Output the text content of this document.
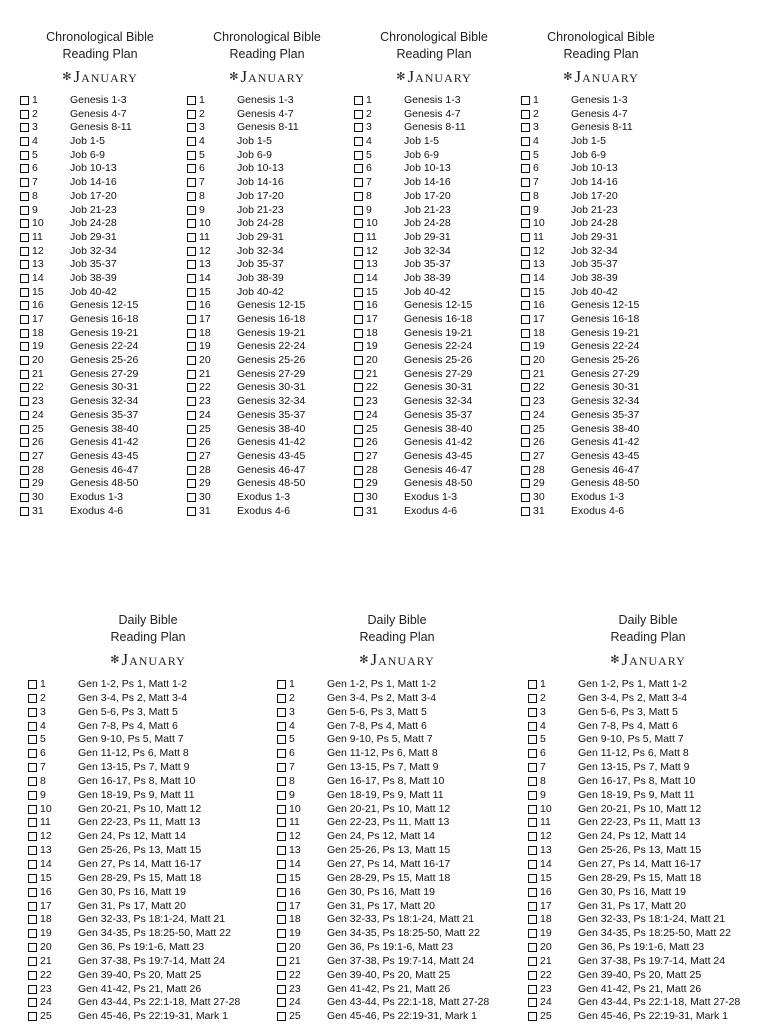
Chronological Bible
Reading Plan
✻January
1	Genesis 1-3
2	Genesis 4-7
3	Genesis 8-11
4	Job 1-5
5	Job 6-9
6	Job 10-13
7	Job 14-16
8	Job 17-20
9	Job 21-23
10	Job 24-28
11	Job 29-31
12	Job 32-34
13	Job 35-37
14	Job 38-39
15	Job 40-42
16	Genesis 12-15
17	Genesis 16-18
18	Genesis 19-21
19	Genesis 22-24
20	Genesis 25-26
21	Genesis 27-29
22	Genesis 30-31
23	Genesis 32-34
24	Genesis 35-37
25	Genesis 38-40
26	Genesis 41-42
27	Genesis 43-45
28	Genesis 46-47
29	Genesis 48-50
30	Exodus 1-3
31	Exodus 4-6
Chronological Bible
Reading Plan
✻January
1	Genesis 1-3
2	Genesis 4-7
3	Genesis 8-11
4	Job 1-5
5	Job 6-9
6	Job 10-13
7	Job 14-16
8	Job 17-20
9	Job 21-23
10	Job 24-28
11	Job 29-31
12	Job 32-34
13	Job 35-37
14	Job 38-39
15	Job 40-42
16	Genesis 12-15
17	Genesis 16-18
18	Genesis 19-21
19	Genesis 22-24
20	Genesis 25-26
21	Genesis 27-29
22	Genesis 30-31
23	Genesis 32-34
24	Genesis 35-37
25	Genesis 38-40
26	Genesis 41-42
27	Genesis 43-45
28	Genesis 46-47
29	Genesis 48-50
30	Exodus 1-3
31	Exodus 4-6
Chronological Bible
Reading Plan
✻January
1	Genesis 1-3
2	Genesis 4-7
3	Genesis 8-11
4	Job 1-5
5	Job 6-9
6	Job 10-13
7	Job 14-16
8	Job 17-20
9	Job 21-23
10	Job 24-28
11	Job 29-31
12	Job 32-34
13	Job 35-37
14	Job 38-39
15	Job 40-42
16	Genesis 12-15
17	Genesis 16-18
18	Genesis 19-21
19	Genesis 22-24
20	Genesis 25-26
21	Genesis 27-29
22	Genesis 30-31
23	Genesis 32-34
24	Genesis 35-37
25	Genesis 38-40
26	Genesis 41-42
27	Genesis 43-45
28	Genesis 46-47
29	Genesis 48-50
30	Exodus 1-3
31	Exodus 4-6
Chronological Bible
Reading Plan
✻January
1	Genesis 1-3
2	Genesis 4-7
3	Genesis 8-11
4	Job 1-5
5	Job 6-9
6	Job 10-13
7	Job 14-16
8	Job 17-20
9	Job 21-23
10	Job 24-28
11	Job 29-31
12	Job 32-34
13	Job 35-37
14	Job 38-39
15	Job 40-42
16	Genesis 12-15
17	Genesis 16-18
18	Genesis 19-21
19	Genesis 22-24
20	Genesis 25-26
21	Genesis 27-29
22	Genesis 30-31
23	Genesis 32-34
24	Genesis 35-37
25	Genesis 38-40
26	Genesis 41-42
27	Genesis 43-45
28	Genesis 46-47
29	Genesis 48-50
30	Exodus 1-3
31	Exodus 4-6
Daily Bible
Reading Plan
✻January
1	Gen 1-2, Ps 1, Matt 1-2
2	Gen 3-4, Ps 2, Matt 3-4
3	Gen 5-6, Ps 3, Matt 5
4	Gen 7-8, Ps 4, Matt 6
5	Gen 9-10, Ps 5, Matt 7
6	Gen 11-12, Ps 6, Matt 8
7	Gen 13-15, Ps 7, Matt 9
8	Gen 16-17, Ps 8, Matt 10
9	Gen 18-19, Ps 9, Matt 11
10	Gen 20-21, Ps 10, Matt 12
11	Gen 22-23, Ps 11, Matt 13
12	Gen 24, Ps 12, Matt 14
13	Gen 25-26, Ps 13, Matt 15
14	Gen 27, Ps 14, Matt 16-17
15	Gen 28-29, Ps 15, Matt 18
16	Gen 30, Ps 16, Matt 19
17	Gen 31, Ps 17, Matt 20
18	Gen 32-33, Ps 18:1-24, Matt 21
19	Gen 34-35, Ps 18:25-50, Matt 22
20	Gen 36, Ps 19:1-6, Matt 23
21	Gen 37-38, Ps 19:7-14, Matt 24
22	Gen 39-40, Ps 20, Matt 25
23	Gen 41-42, Ps 21, Matt 26
24	Gen 43-44, Ps 22:1-18, Matt 27-28
25	Gen 45-46, Ps 22:19-31, Mark 1
Daily Bible
Reading Plan
✻January
1	Gen 1-2, Ps 1, Matt 1-2
2	Gen 3-4, Ps 2, Matt 3-4
3	Gen 5-6, Ps 3, Matt 5
4	Gen 7-8, Ps 4, Matt 6
5	Gen 9-10, Ps 5, Matt 7
6	Gen 11-12, Ps 6, Matt 8
7	Gen 13-15, Ps 7, Matt 9
8	Gen 16-17, Ps 8, Matt 10
9	Gen 18-19, Ps 9, Matt 11
10	Gen 20-21, Ps 10, Matt 12
11	Gen 22-23, Ps 11, Matt 13
12	Gen 24, Ps 12, Matt 14
13	Gen 25-26, Ps 13, Matt 15
14	Gen 27, Ps 14, Matt 16-17
15	Gen 28-29, Ps 15, Matt 18
16	Gen 30, Ps 16, Matt 19
17	Gen 31, Ps 17, Matt 20
18	Gen 32-33, Ps 18:1-24, Matt 21
19	Gen 34-35, Ps 18:25-50, Matt 22
20	Gen 36, Ps 19:1-6, Matt 23
21	Gen 37-38, Ps 19:7-14, Matt 24
22	Gen 39-40, Ps 20, Matt 25
23	Gen 41-42, Ps 21, Matt 26
24	Gen 43-44, Ps 22:1-18, Matt 27-28
25	Gen 45-46, Ps 22:19-31, Mark 1
Daily Bible
Reading Plan
✻January
1	Gen 1-2, Ps 1, Matt 1-2
2	Gen 3-4, Ps 2, Matt 3-4
3	Gen 5-6, Ps 3, Matt 5
4	Gen 7-8, Ps 4, Matt 6
5	Gen 9-10, Ps 5, Matt 7
6	Gen 11-12, Ps 6, Matt 8
7	Gen 13-15, Ps 7, Matt 9
8	Gen 16-17, Ps 8, Matt 10
9	Gen 18-19, Ps 9, Matt 11
10	Gen 20-21, Ps 10, Matt 12
11	Gen 22-23, Ps 11, Matt 13
12	Gen 24, Ps 12, Matt 14
13	Gen 25-26, Ps 13, Matt 15
14	Gen 27, Ps 14, Matt 16-17
15	Gen 28-29, Ps 15, Matt 18
16	Gen 30, Ps 16, Matt 19
17	Gen 31, Ps 17, Matt 20
18	Gen 32-33, Ps 18:1-24, Matt 21
19	Gen 34-35, Ps 18:25-50, Matt 22
20	Gen 36, Ps 19:1-6, Matt 23
21	Gen 37-38, Ps 19:7-14, Matt 24
22	Gen 39-40, Ps 20, Matt 25
23	Gen 41-42, Ps 21, Matt 26
24	Gen 43-44, Ps 22:1-18, Matt 27-28
25	Gen 45-46, Ps 22:19-31, Mark 1
